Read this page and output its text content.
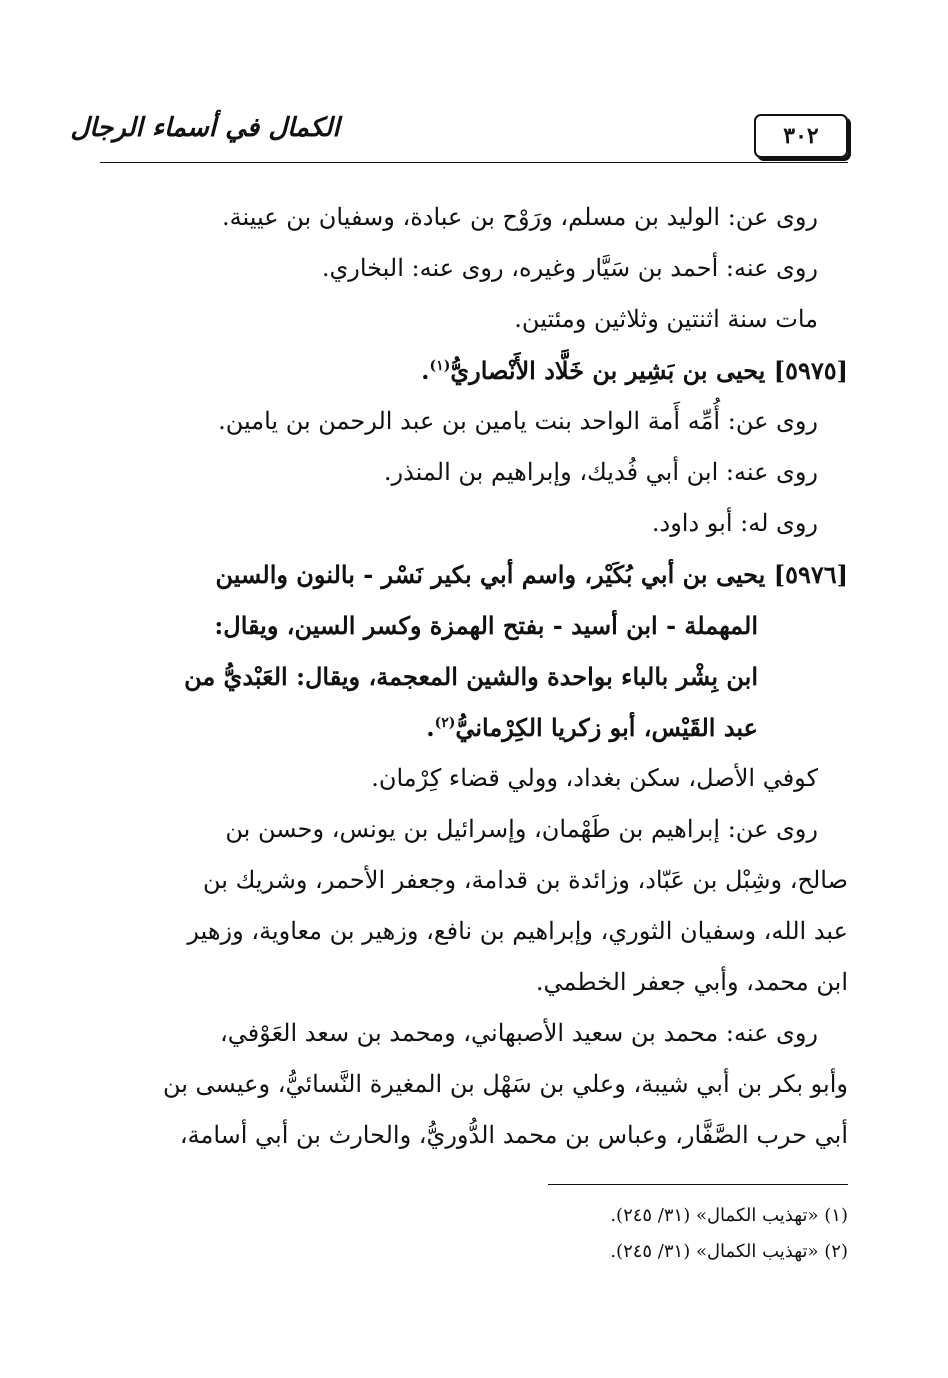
الكمال في أسماء الرجال	٣٠٢
روى عن: الوليد بن مسلم، ورَوْح بن عبادة، وسفيان بن عيينة.
روى عنه: أحمد بن سَيَّار وغيره، روى عنه: البخاري.
مات سنة اثنتين وثلاثين ومئتين.
[٥٩٧٥] يحيى بن بَشِير بن خَلَّاد الأَنْصاريُّ$^{(١)}$.
روى عن: أُمِّه أَمة الواحد بنت يامين بن عبد الرحمن بن يامين.
روى عنه: ابن أبي فُديك، وإبراهيم بن المنذر.
روى له: أبو داود.
[٥٩٧٦] يحيى بن أبي بُكَيْر، واسم أبي بكير نَسْر - بالنون والسين
المهملة - ابن أسيد - بفتح الهمزة وكسر السين، ويقال:
ابن بِشْر بالباء بواحدة والشين المعجمة، ويقال: العَبْديُّ من
عبد القَيْس، أبو زكريا الكِرْمانيُّ$^{(٢)}$.
كوفي الأصل، سكن بغداد، وولي قضاء كِرْمان.
روى عن: إبراهيم بن طَهْمان، وإسرائيل بن يونس، وحسن بن
صالح، وشِبْل بن عَبّاد، وزائدة بن قدامة، وجعفر الأحمر، وشريك بن
عبد الله، وسفيان الثوري، وإبراهيم بن نافع، وزهير بن معاوية، وزهير
ابن محمد، وأبي جعفر الخطمي.
روى عنه: محمد بن سعيد الأصبهاني، ومحمد بن سعد العَوْفي،
وأبو بكر بن أبي شيبة، وعلي بن سَهْل بن المغيرة النَّسائيُّ، وعيسى بن
أبي حرب الصَّفَّار، وعباس بن محمد الدُّوريُّ، والحارث بن أبي أسامة،
(١) «تهذيب الكمال» (٣١/ ٢٤٥).
(٢) «تهذيب الكمال» (٣١/ ٢٤٥).
